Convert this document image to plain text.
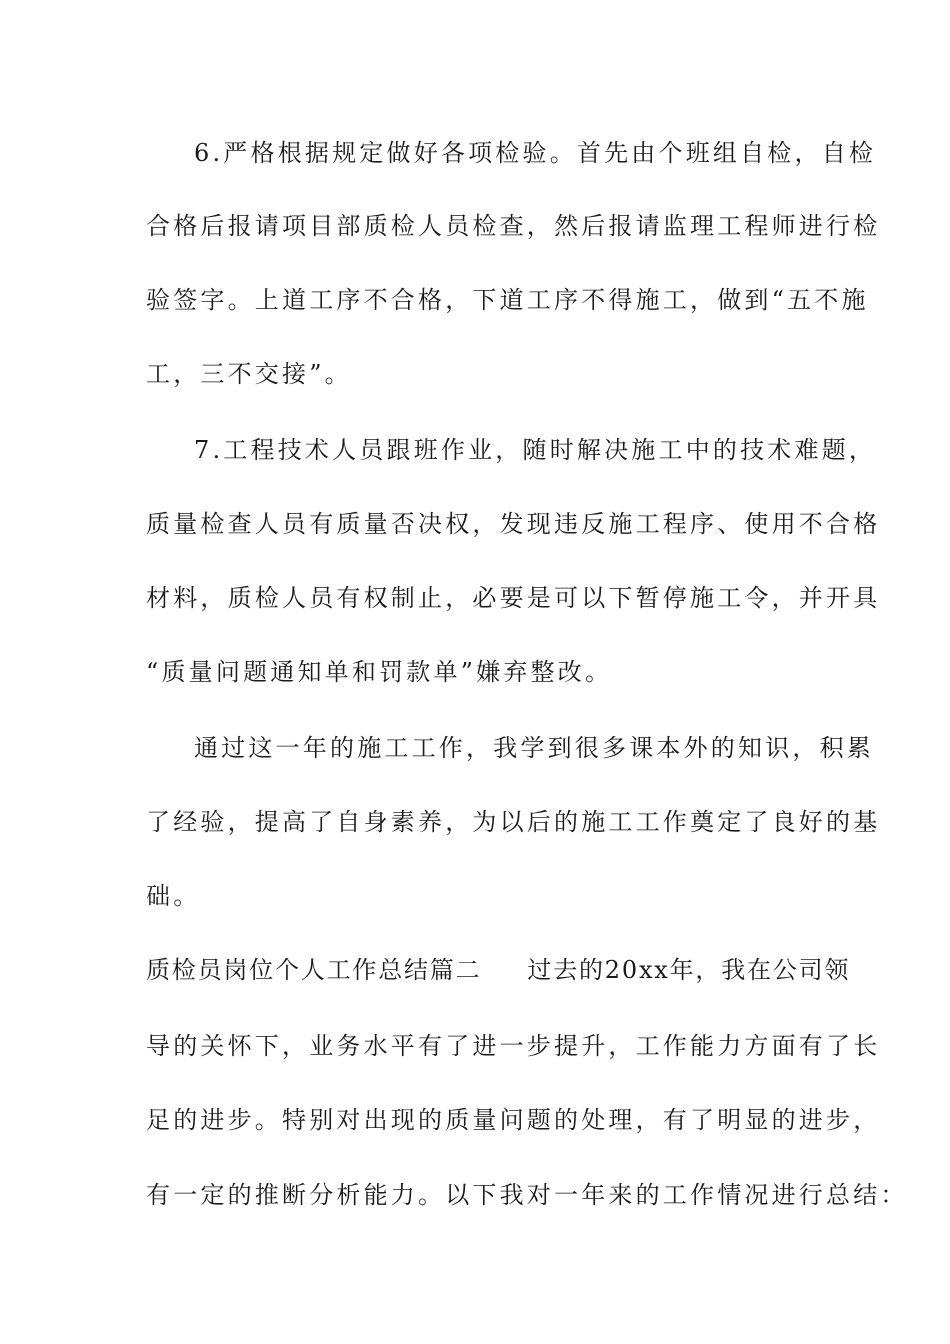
6.严格根据规定做好各项检验。首先由个班组自检，自检
合格后报请项目部质检人员检查，然后报请监理工程师进行检
验签字。上道工序不合格，下道工序不得施工，做到“五不施
工，三不交接”。
7.工程技术人员跟班作业，随时解决施工中的技术难题，
质量检查人员有质量否决权，发现违反施工程序、使用不合格
材料，质检人员有权制止，必要是可以下暂停施工令，并开具
“质量问题通知单和罚款单”嫌弃整改。
通过这一年的施工工作，我学到很多课本外的知识，积累
了经验，提高了自身素养，为以后的施工工作奠定了良好的基
础。
质检员岗位个人工作总结篇二 过去的20xx年，我在公司领
导的关怀下，业务水平有了进一步提升，工作能力方面有了长
足的进步。特别对出现的质量问题的处理，有了明显的进步，
有一定的推断分析能力。以下我对一年来的工作情况进行总结：
